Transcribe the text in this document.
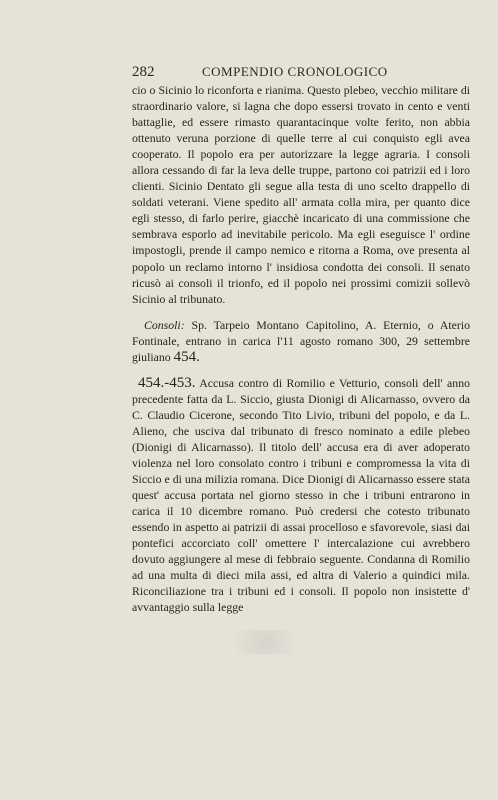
282	COMPENDIO CRONOLOGICO

cio o Sicinio lo riconforta e rianima. Questo plebeo, vecchio militare di straordinario valore, si lagna che dopo essersi trovato in cento e venti battaglie, ed essere rimasto quarantacinque volte ferito, non abbia ottenuto veruna porzione di quelle terre al cui conquisto egli avea cooperato. Il popolo era per autorizzare la legge agraria. I consoli allora cessando di far la leva delle truppe, partono coi patrizii ed i loro clienti. Sicinio Dentato gli segue alla testa di uno scelto drappello di soldati veterani. Viene spedito all' armata colla mira, per quanto dice egli stesso, di farlo perire, giacchè incaricato di una commissione che sembrava esporlo ad inevitabile pericolo. Ma egli eseguisce l' ordine impostogli, prende il campo nemico e ritorna a Roma, ove presenta al popolo un reclamo intorno l' insidiosa condotta dei consoli. Il senato ricusò ai consoli il trionfo, ed il popolo nei prossimi comizii sollevò Sicinio al tribunato.

Consoli: Sp. Tarpeio Montano Capitolino, A. Eternio, o Aterio Fontinale, entrano in carica l'11 agosto romano 300, 29 settembre giuliano 454.

454.-453. Accusa contro di Romilio e Vetturio, consoli dell' anno precedente fatta da L. Siccio, giusta Dionigi di Alicarnasso, ovvero da C. Claudio Cicerone, secondo Tito Livio, tribuni del popolo, e da L. Alieno, che usciva dal tribunato di fresco nominato a edile plebeo (Dionigi di Alicarnasso). Il titolo dell' accusa era di aver adoperato violenza nel loro consolato contro i tribuni e compromessa la vita di Siccio e di una milizia romana. Dice Dionigi di Alicarnasso essere stata quest' accusa portata nel giorno stesso in che i tribuni entrarono in carica il 10 dicembre romano. Può credersi che cotesto tribunato essendo in aspetto ai patrizii di assai procelloso e sfavorevole, siasi dai pontefici accorciato coll' omettere l' intercalazione cui avrebbero dovuto aggiungere al mese di febbraio seguente. Condanna di Romilio ad una multa di dieci mila assi, ed altra di Valerio a quindici mila. Riconciliazione tra i tribuni ed i consoli. Il popolo non insistette d' avvantaggio sulla legge
